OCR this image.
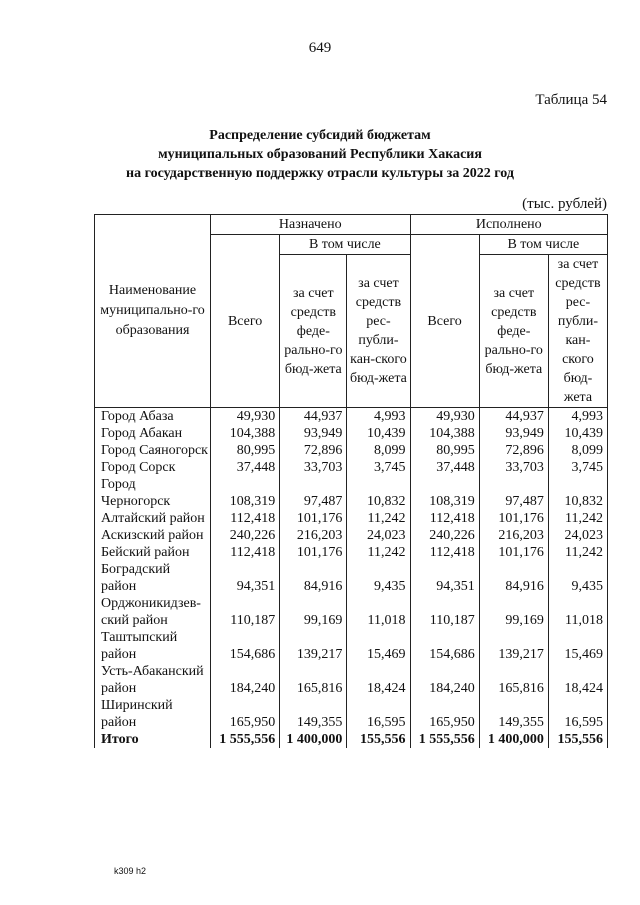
649
Таблица 54
Распределение субсидий бюджетам
муниципальных образований Республики Хакасия
на государственную поддержку отрасли культуры за 2022 год
(тыс. рублей)
Наименование муниципально-го образования	Назначено			Исполнено		
	Всего	В том числе		Всего	В том числе	
		за счет средств феде-рально-го бюд-жета	за счет средств рес-публи-кан-ского бюд-жета		за счет средств феде-рально-го бюд-жета	за счет средств рес-публи-кан-ского бюд-жета
Город Абаза	49,930	44,937	4,993	49,930	44,937	4,993
Город Абакан	104,388	93,949	10,439	104,388	93,949	10,439
Город Саяногорск	80,995	72,896	8,099	80,995	72,896	8,099
Город Сорск	37,448	33,703	3,745	37,448	33,703	3,745
Город Черногорск	108,319	97,487	10,832	108,319	97,487	10,832
Алтайский район	112,418	101,176	11,242	112,418	101,176	11,242
Аскизский район	240,226	216,203	24,023	240,226	216,203	24,023
Бейский район	112,418	101,176	11,242	112,418	101,176	11,242
Боградский район	94,351	84,916	9,435	94,351	84,916	9,435
Орджоникидзев-ский район	110,187	99,169	11,018	110,187	99,169	11,018
Таштыпский район	154,686	139,217	15,469	154,686	139,217	15,469
Усть-Абаканский район	184,240	165,816	18,424	184,240	165,816	18,424
Ширинский район	165,950	149,355	16,595	165,950	149,355	16,595
Итого	1 555,556	1 400,000	155,556	1 555,556	1 400,000	155,556
k309 h2
